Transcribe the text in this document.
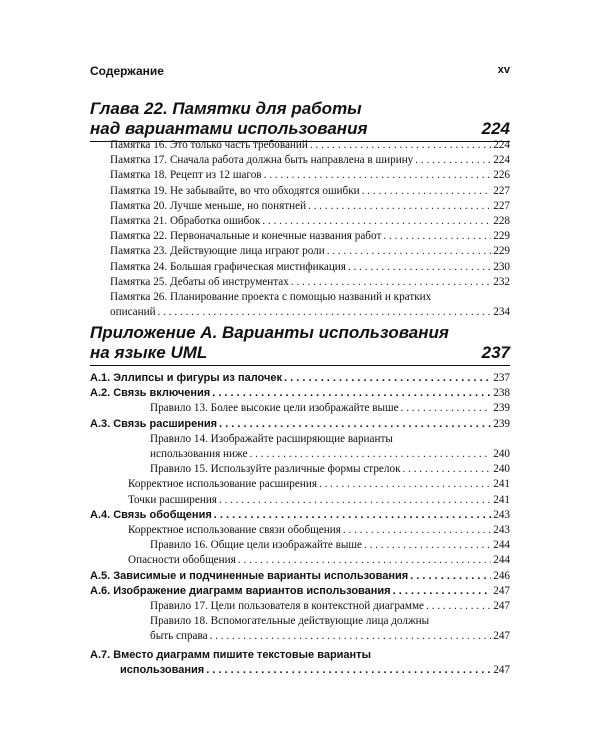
Содержание	xv
Глава 22. Памятки для работы
над вариантами использования	224
Памятка 16. Это только часть требований . . .	224
Памятка 17. Сначала работа должна быть направлена в ширину . . .	224
Памятка 18. Рецепт из 12 шагов . . .	226
Памятка 19. Не забывайте, во что обходятся ошибки . . .	227
Памятка 20. Лучше меньше, но понятней . . .	227
Памятка 21. Обработка ошибок . . .	228
Памятка 22. Первоначальные и конечные названия работ . . .	229
Памятка 23. Действующие лица играют роли . . .	229
Памятка 24. Большая графическая мистификация . . .	230
Памятка 25. Дебаты об инструментах . . .	232
Памятка 26. Планирование проекта с помощью названий и кратких
описаний . . .	234
Приложение А. Варианты использования
на языке UML	237
А.1. Эллипсы и фигуры из палочек . . .	237
А.2. Связь включения . . .	238
Правило 13. Более высокие цели изображайте выше . . .	239
А.3. Связь расширения . . .	239
Правило 14. Изображайте расширяющие варианты
использования ниже . . .	240
Правило 15. Используйте различные формы стрелок . . .	240
Корректное использование расширения . . .	241
Точки расширения . . .	241
А.4. Связь обобщения . . .	243
Корректное использование связи обобщения . . .	243
Правило 16. Общие цели изображайте выше . . .	244
Опасности обобщения . . .	244
А.5. Зависимые и подчиненные варианты использования . . .	246
А.6. Изображение диаграмм вариантов использования . . .	247
Правило 17. Цели пользователя в контекстной диаграмме . . .	247
Правило 18. Вспомогательные действующие лица должны
быть справа . . .	247
А.7. Вместо диаграмм пишите текстовые варианты
использования . . .	247
